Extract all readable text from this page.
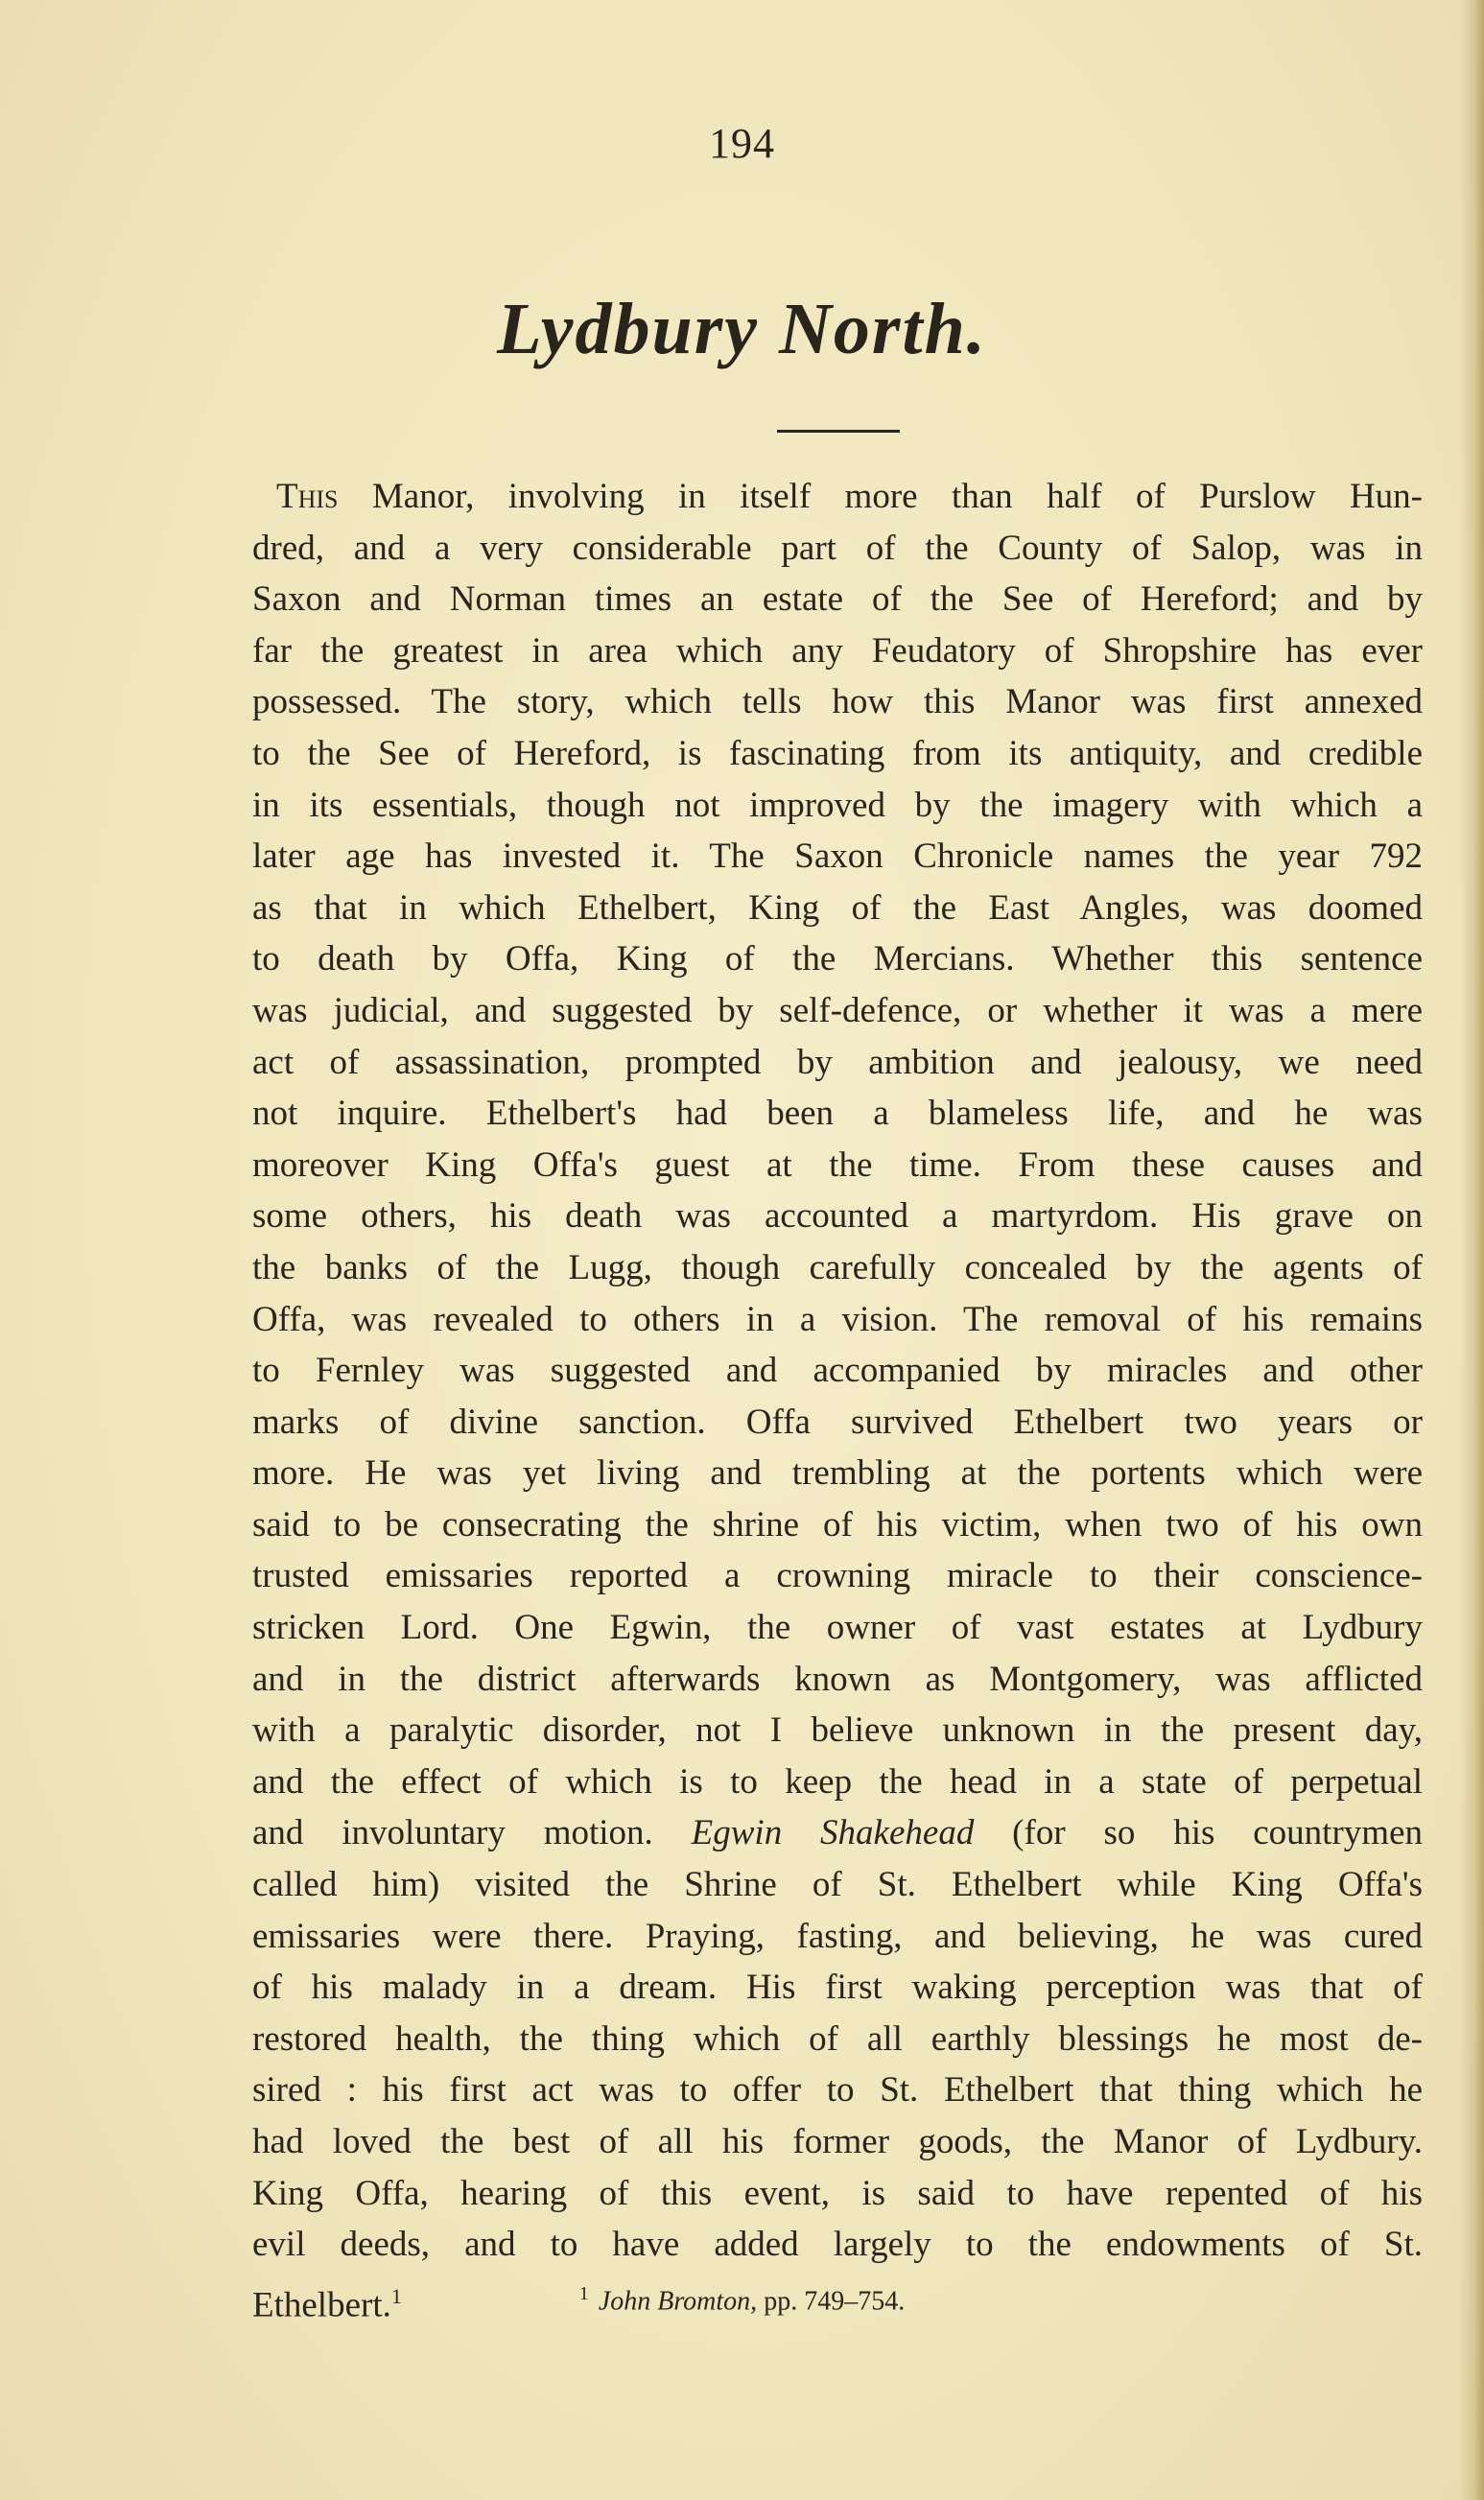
194
Lydbury North.
This Manor, involving in itself more than half of Purslow Hun-
dred, and a very considerable part of the County of Salop, was in
Saxon and Norman times an estate of the See of Hereford; and by
far the greatest in area which any Feudatory of Shropshire has ever
possessed. The story, which tells how this Manor was first annexed
to the See of Hereford, is fascinating from its antiquity, and credible
in its essentials, though not improved by the imagery with which a
later age has invested it. The Saxon Chronicle names the year 792
as that in which Ethelbert, King of the East Angles, was doomed
to death by Offa, King of the Mercians. Whether this sentence
was judicial, and suggested by self-defence, or whether it was a mere
act of assassination, prompted by ambition and jealousy, we need
not inquire. Ethelbert's had been a blameless life, and he was
moreover King Offa's guest at the time. From these causes and
some others, his death was accounted a martyrdom. His grave on
the banks of the Lugg, though carefully concealed by the agents of
Offa, was revealed to others in a vision. The removal of his remains
to Fernley was suggested and accompanied by miracles and other
marks of divine sanction. Offa survived Ethelbert two years or
more. He was yet living and trembling at the portents which were
said to be consecrating the shrine of his victim, when two of his own
trusted emissaries reported a crowning miracle to their conscience-
stricken Lord. One Egwin, the owner of vast estates at Lydbury
and in the district afterwards known as Montgomery, was afflicted
with a paralytic disorder, not I believe unknown in the present day,
and the effect of which is to keep the head in a state of perpetual
and involuntary motion. Egwin Shakehead (for so his countrymen
called him) visited the Shrine of St. Ethelbert while King Offa's
emissaries were there. Praying, fasting, and believing, he was cured
of his malady in a dream. His first waking perception was that of
restored health, the thing which of all earthly blessings he most de-
sired : his first act was to offer to St. Ethelbert that thing which he
had loved the best of all his former goods, the Manor of Lydbury.
King Offa, hearing of this event, is said to have repented of his
evil deeds, and to have added largely to the endowments of St.
Ethelbert.$^1$	$^1$ John Bromton, pp. 749–754.
